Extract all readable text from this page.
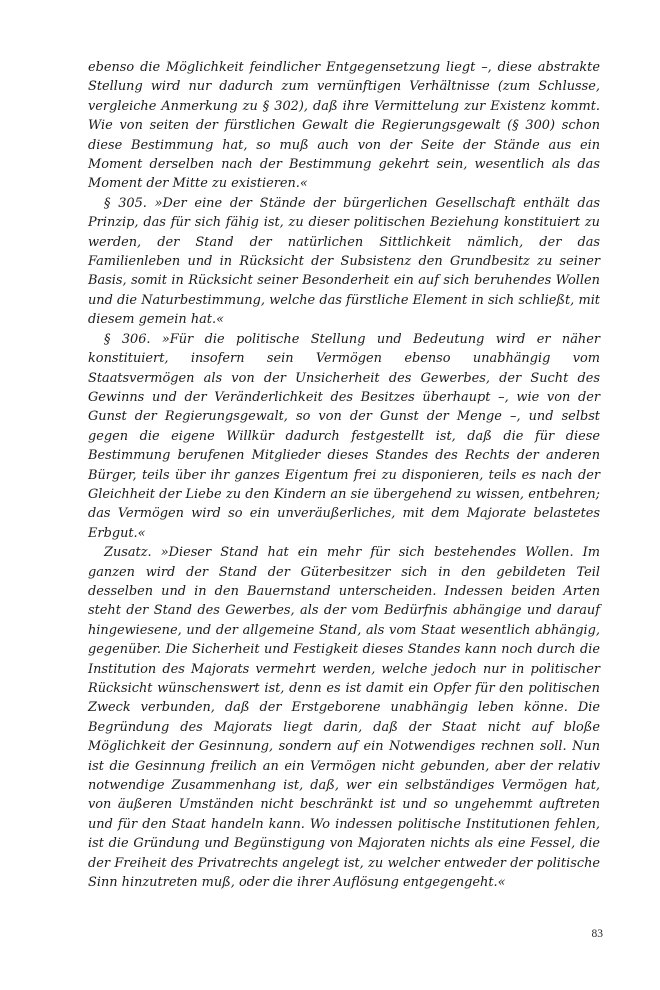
ebenso die Möglichkeit feindlicher Entgegensetzung liegt –, diese abstrakte Stellung wird nur dadurch zum vernünftigen Verhältnisse (zum Schlusse, vergleiche Anmerkung zu § 302), daß ihre Vermittelung zur Existenz kommt. Wie von seiten der fürstlichen Gewalt die Regierungsgewalt (§ 300) schon diese Bestimmung hat, so muß auch von der Seite der Stände aus ein Moment derselben nach der Bestimmung gekehrt sein, wesentlich als das Moment der Mitte zu existieren.«

§ 305. »Der eine der Stände der bürgerlichen Gesellschaft enthält das Prinzip, das für sich fähig ist, zu dieser politischen Beziehung konstituiert zu werden, der Stand der natürlichen Sittlichkeit nämlich, der das Familienleben und in Rücksicht der Subsistenz den Grundbesitz zu seiner Basis, somit in Rücksicht seiner Besonderheit ein auf sich beruhendes Wollen und die Naturbestimmung, welche das fürstliche Element in sich schließt, mit diesem gemein hat.«

§ 306. »Für die politische Stellung und Bedeutung wird er näher konstituiert, insofern sein Vermögen ebenso unabhängig vom Staatsvermögen als von der Unsicherheit des Gewerbes, der Sucht des Gewinns und der Veränderlichkeit des Besitzes überhaupt –, wie von der Gunst der Regierungsgewalt, so von der Gunst der Menge –, und selbst gegen die eigene Willkür dadurch festgestellt ist, daß die für diese Bestimmung berufenen Mitglieder dieses Standes des Rechts der anderen Bürger, teils über ihr ganzes Eigentum frei zu disponieren, teils es nach der Gleichheit der Liebe zu den Kindern an sie übergehend zu wissen, entbehren; das Vermögen wird so ein unveräußerliches, mit dem Majorate belastetes Erbgut.«

Zusatz. »Dieser Stand hat ein mehr für sich bestehendes Wollen. Im ganzen wird der Stand der Güterbesitzer sich in den gebildeten Teil desselben und in den Bauernstand unterscheiden. Indessen beiden Arten steht der Stand des Gewerbes, als der vom Bedürfnis abhängige und darauf hingewiesene, und der allgemeine Stand, als vom Staat wesentlich abhängig, gegenüber. Die Sicherheit und Festigkeit dieses Standes kann noch durch die Institution des Majorats vermehrt werden, welche jedoch nur in politischer Rücksicht wünschenswert ist, denn es ist damit ein Opfer für den politischen Zweck verbunden, daß der Erstgeborene unabhängig leben könne. Die Begründung des Majorats liegt darin, daß der Staat nicht auf bloße Möglichkeit der Gesinnung, sondern auf ein Notwendiges rechnen soll. Nun ist die Gesinnung freilich an ein Vermögen nicht gebunden, aber der relativ notwendige Zusammenhang ist, daß, wer ein selbständiges Vermögen hat, von äußeren Umständen nicht beschränkt ist und so ungehemmt auftreten und für den Staat handeln kann. Wo indessen politische Institutionen fehlen, ist die Gründung und Begünstigung von Majoraten nichts als eine Fessel, die der Freiheit des Privatrechts angelegt ist, zu welcher entweder der politische Sinn hinzutreten muß, oder die ihrer Auflösung entgegengeht.«

83
